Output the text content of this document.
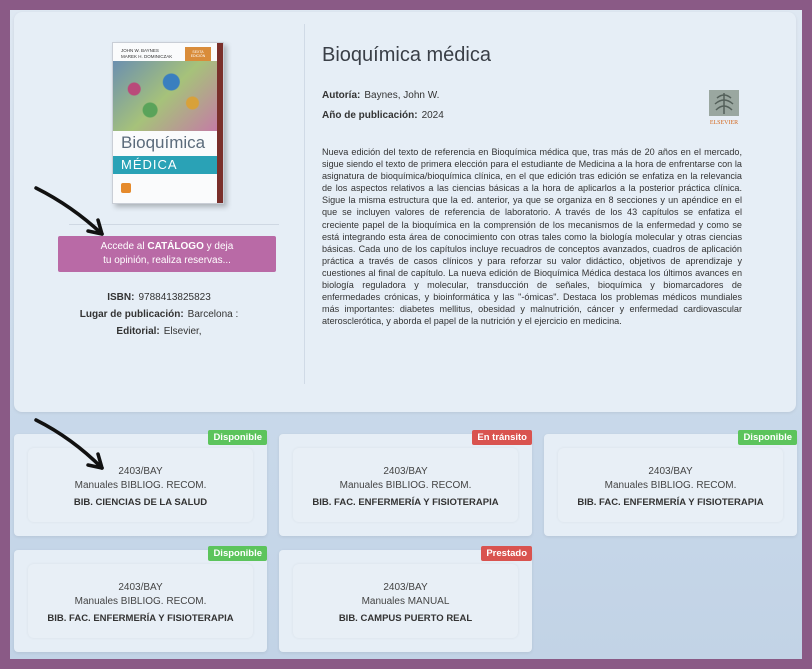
JOHN W. BAYNES
MAREK H. DOMINICZAK
Bioquímica
MÉDICA
SEXTA EDICIÓN
Accede al CATÁLOGO y deja
tu opinión, realiza reservas...
ISBN: 9788413825823
Lugar de publicación: Barcelona :
Editorial: Elsevier,
Bioquímica médica
Autoría: Baynes, John W.
Año de publicación: 2024
ELSEVIER
Nueva edición del texto de referencia en Bioquímica médica que, tras más de 20 años en el mercado, sigue siendo el texto de primera elección para el estudiante de Medicina a la hora de enfrentarse con la asignatura de bioquímica/bioquímica clínica, en el que edición tras edición se enfatiza en la relevancia de los aspectos relativos a las ciencias básicas a la hora de aplicarlos a la posterior práctica clínica. Sigue la misma estructura que la ed. anterior, ya que se organiza en 8 secciones y un apéndice en el que se incluyen valores de referencia de laboratorio. A través de los 43 capítulos se enfatiza el creciente papel de la bioquímica en la comprensión de los mecanismos de la enfermedad y como se está integrando esta área de conocimiento con otras tales como la biología molecular y otras ciencias básicas. Cada uno de los capítulos incluye recuadros de conceptos avanzados, cuadros de aplicación práctica a través de casos clínicos y para reforzar su valor didáctico, objetivos de aprendizaje y cuestiones al final de capítulo. La nueva edición de Bioquímica Médica destaca los últimos avances en biología reguladora y molecular, transducción de señales, bioquímica y biomarcadores de enfermedades crónicas, y bioinformática y las "-ómicas". Destaca los problemas médicos mundiales más importantes: diabetes mellitus, obesidad y malnutrición, cáncer y enfermedad cardiovascular aterosclerótica, y aborda el papel de la nutrición y el ejercicio en medicina.
Disponible
2403/BAY
Manuales BIBLIOG. RECOM.
BIB. CIENCIAS DE LA SALUD
En tránsito
2403/BAY
Manuales BIBLIOG. RECOM.
BIB. FAC. ENFERMERÍA Y FISIOTERAPIA
Disponible
2403/BAY
Manuales BIBLIOG. RECOM.
BIB. FAC. ENFERMERÍA Y FISIOTERAPIA
Disponible
2403/BAY
Manuales BIBLIOG. RECOM.
BIB. FAC. ENFERMERÍA Y FISIOTERAPIA
Prestado
2403/BAY
Manuales MANUAL
BIB. CAMPUS PUERTO REAL
